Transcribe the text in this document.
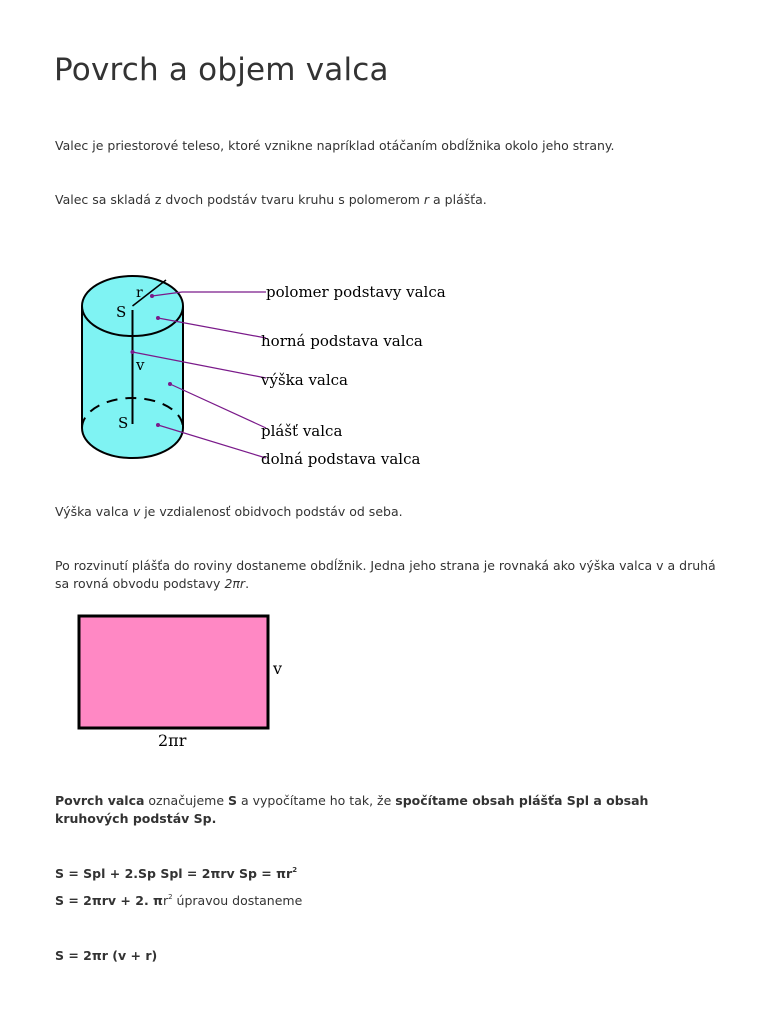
Povrch a objem valca

Valec je priestorové teleso, ktoré vznikne napríklad otáčaním obdĺžnika okolo jeho strany.

Valec sa skladá z dvoch podstáv tvaru kruhu s polomerom r a plášťa.

r
S
v
S
polomer podstavy valca
horná podstava valca
výška valca
plášť valca
dolná podstava valca

Výška valca v je vzdialenosť obidvoch podstáv od seba.

Po rozvinutí plášťa do roviny dostaneme obdĺžnik. Jedna jeho strana je rovnaká ako výška valca v a druhá sa rovná obvodu podstavy 2πr.

v
2πr

Povrch valca označujeme S a vypočítame ho tak, že spočítame obsah plášťa Spl a obsah kruhových podstáv Sp.

S = Spl + 2.Sp Spl = 2πrv $Sp = \pi r^2$

S = 2πrv + 2. $\pi r^2$ úpravou dostaneme

S = 2πr (v + r)
